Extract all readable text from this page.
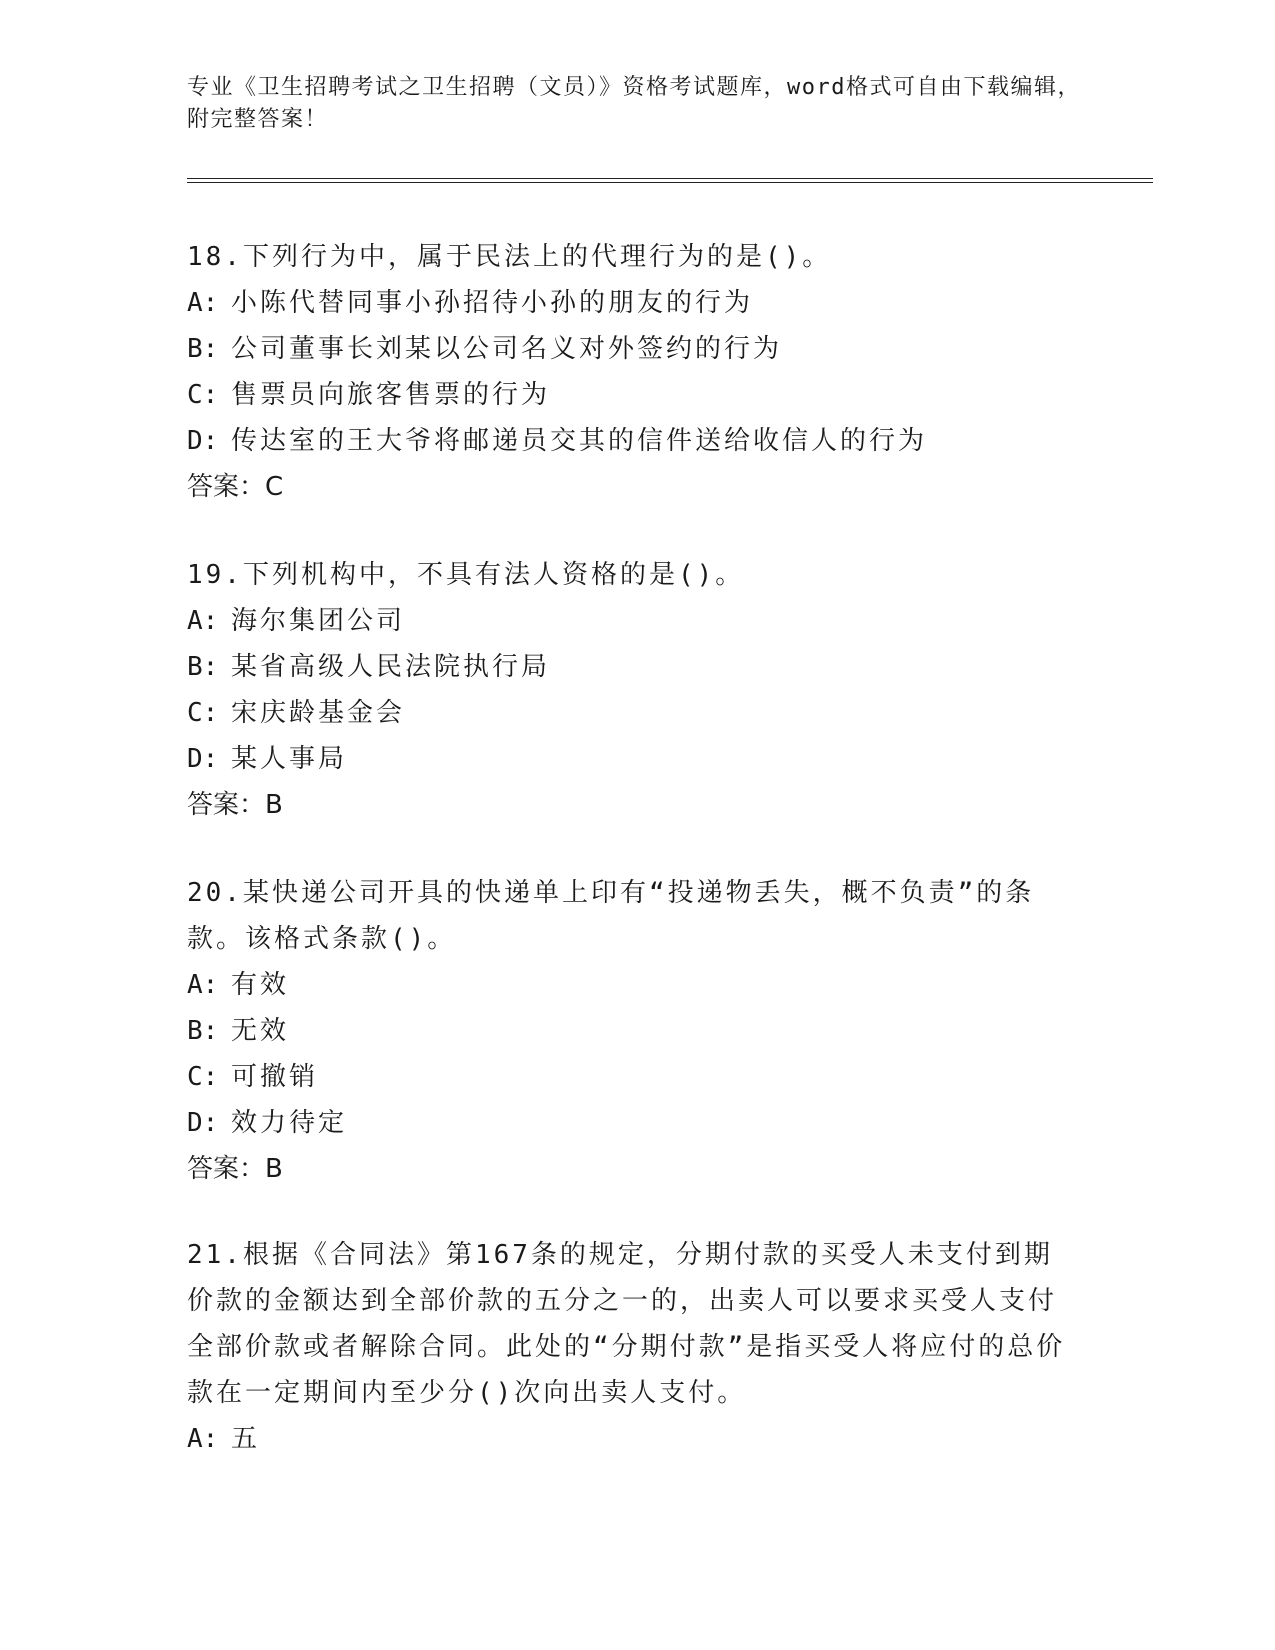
专业《卫生招聘考试之卫生招聘（文员）》资格考试题库，word格式可自由下载编辑，附完整答案！
18.下列行为中，属于民法上的代理行为的是()。
A: 小陈代替同事小孙招待小孙的朋友的行为
B: 公司董事长刘某以公司名义对外签约的行为
C: 售票员向旅客售票的行为
D: 传达室的王大爷将邮递员交其的信件送给收信人的行为
答案：C
19.下列机构中，不具有法人资格的是()。
A: 海尔集团公司
B: 某省高级人民法院执行局
C: 宋庆龄基金会
D: 某人事局
答案：B
20.某快递公司开具的快递单上印有“投递物丢失，概不负责”的条款。该格式条款()。
A: 有效
B: 无效
C: 可撤销
D: 效力待定
答案：B
21.根据《合同法》第167条的规定，分期付款的买受人未支付到期价款的金额达到全部价款的五分之一的，出卖人可以要求买受人支付全部价款或者解除合同。此处的“分期付款”是指买受人将应付的总价款在一定期间内至少分()次向出卖人支付。
A: 五
